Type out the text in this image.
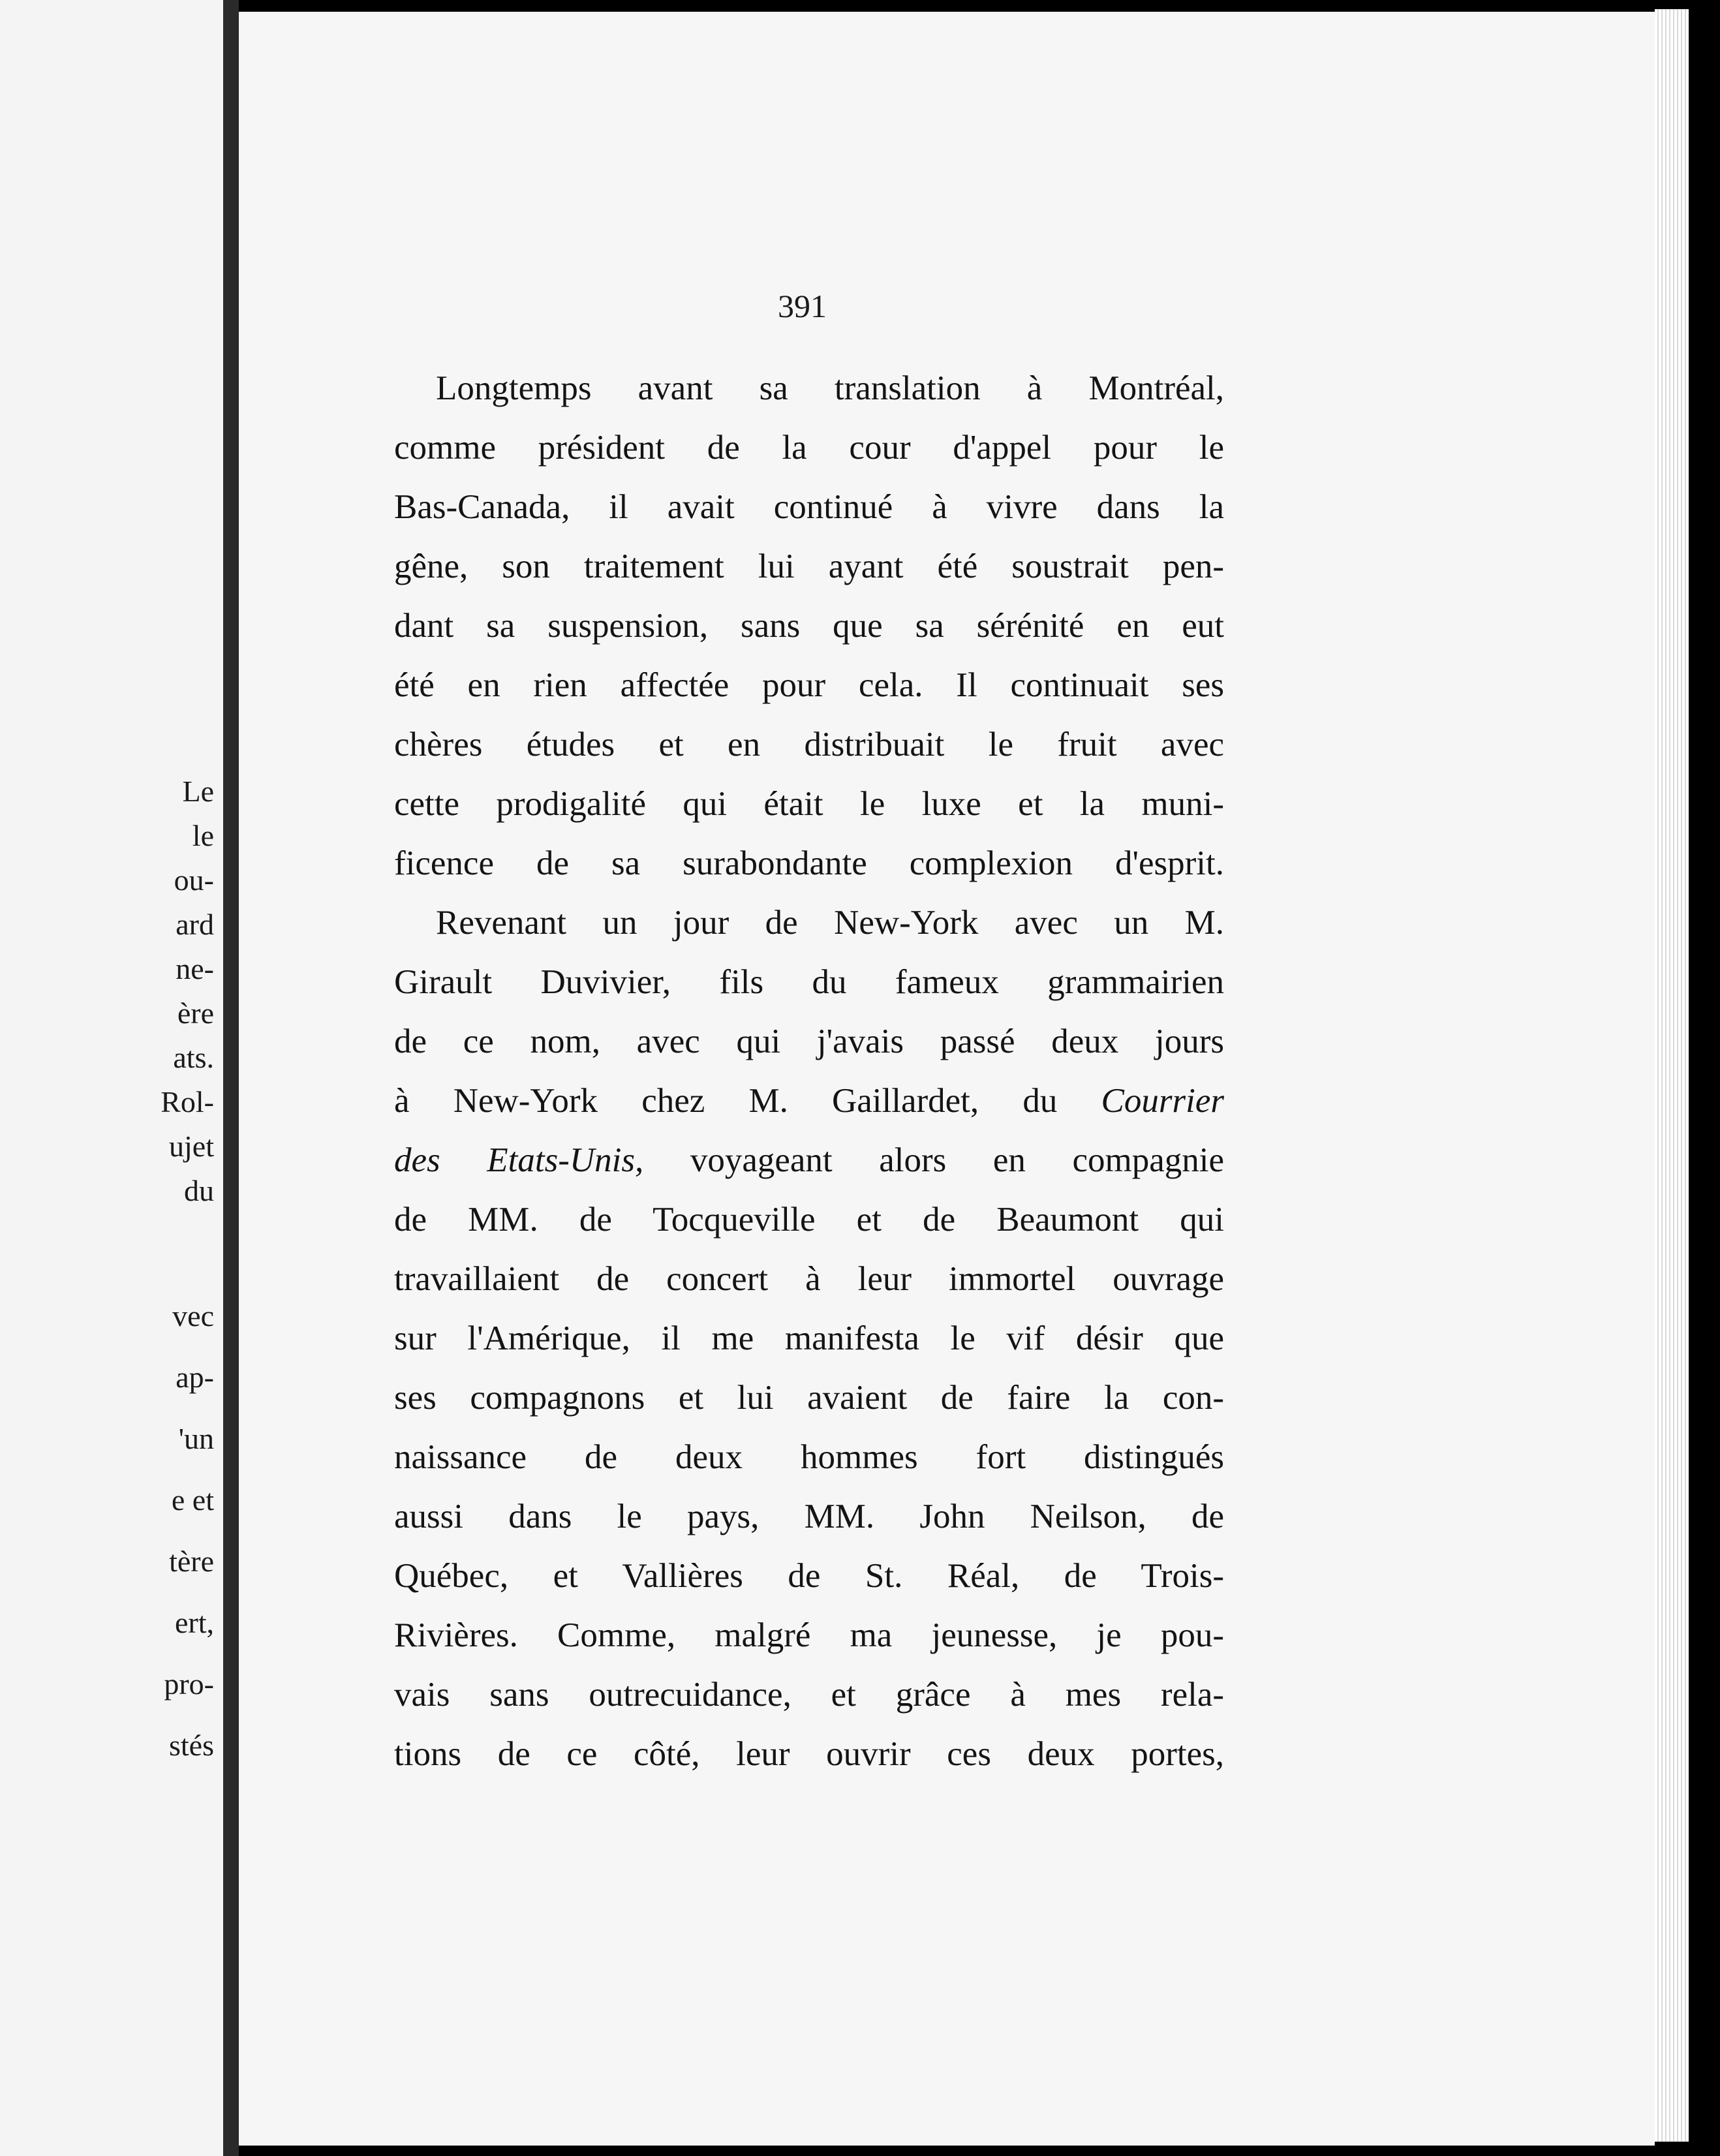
Le
le
ou-
ard
ne-
ère
ats.
Rol-
ujet
du
vec
ap-
'un
e et
tère
ert,
pro-
stés
391
Longtemps avant sa translation à Montréal,
comme président de la cour d'appel pour le
Bas-Canada, il avait continué à vivre dans la
gêne, son traitement lui ayant été soustrait pen-
dant sa suspension, sans que sa sérénité en eut
été en rien affectée pour cela. Il continuait ses
chères études et en distribuait le fruit avec
cette prodigalité qui était le luxe et la muni-
ficence de sa surabondante complexion d'esprit.
Revenant un jour de New-York avec un M.
Girault Duvivier, fils du fameux grammairien
de ce nom, avec qui j'avais passé deux jours
à New-York chez M. Gaillardet, du Courrier
des Etats-Unis, voyageant alors en compagnie
de MM. de Tocqueville et de Beaumont qui
travaillaient de concert à leur immortel ouvrage
sur l'Amérique, il me manifesta le vif désir que
ses compagnons et lui avaient de faire la con-
naissance de deux hommes fort distingués
aussi dans le pays, MM. John Neilson, de
Québec, et Vallières de St. Réal, de Trois-
Rivières. Comme, malgré ma jeunesse, je pou-
vais sans outrecuidance, et grâce à mes rela-
tions de ce côté, leur ouvrir ces deux portes,
